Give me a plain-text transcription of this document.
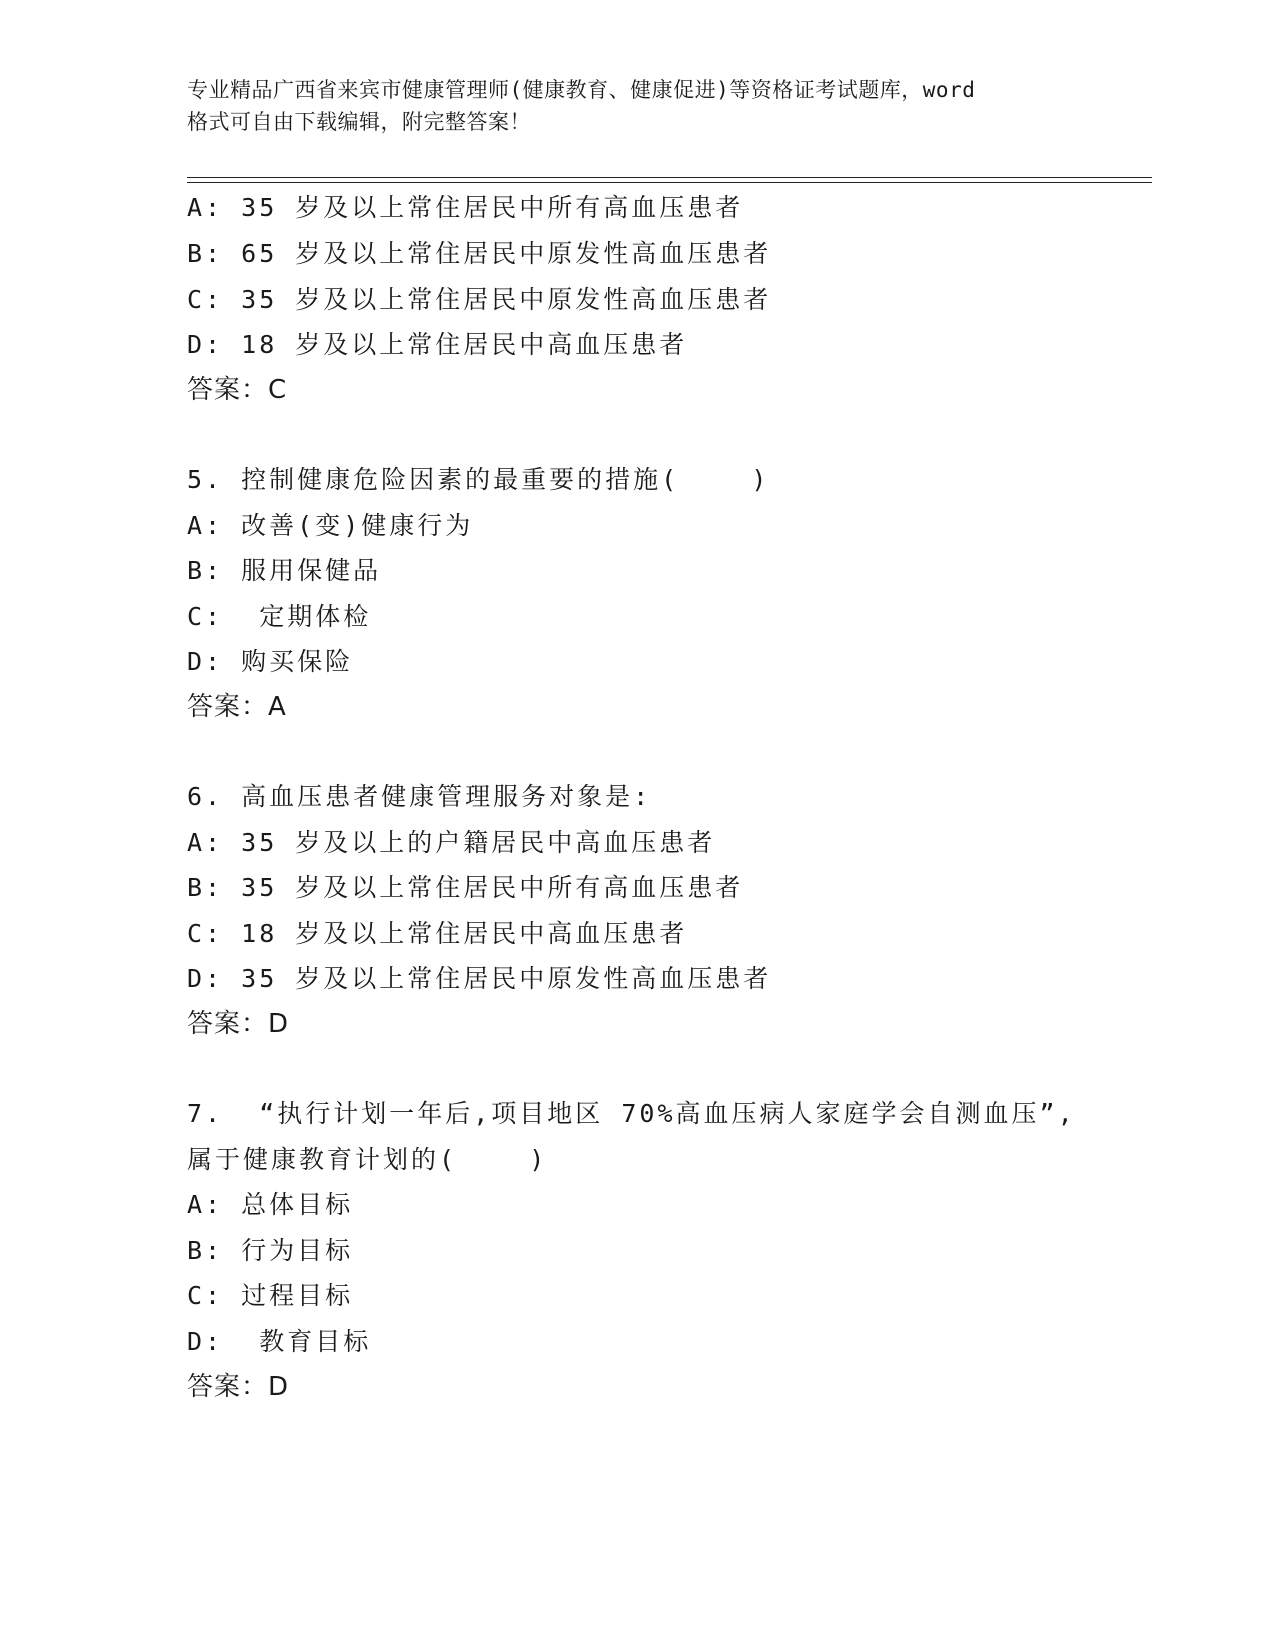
专业精品广西省来宾市健康管理师(健康教育、健康促进)等资格证考试题库，word
格式可自由下载编辑，附完整答案！
A: 35 岁及以上常住居民中所有高血压患者
B: 65 岁及以上常住居民中原发性高血压患者
C: 35 岁及以上常住居民中原发性高血压患者
D: 18 岁及以上常住居民中高血压患者
答案：C
5. 控制健康危险因素的最重要的措施(    )
A: 改善(变)健康行为
B: 服用保健品
C:  定期体检
D: 购买保险
答案：A
6. 高血压患者健康管理服务对象是:
A: 35 岁及以上的户籍居民中高血压患者
B: 35 岁及以上常住居民中所有高血压患者
C: 18 岁及以上常住居民中高血压患者
D: 35 岁及以上常住居民中原发性高血压患者
答案：D
7.  “执行计划一年后,项目地区 70%高血压病人家庭学会自测血压”,
属于健康教育计划的(    )
A: 总体目标
B: 行为目标
C: 过程目标
D:  教育目标
答案：D
